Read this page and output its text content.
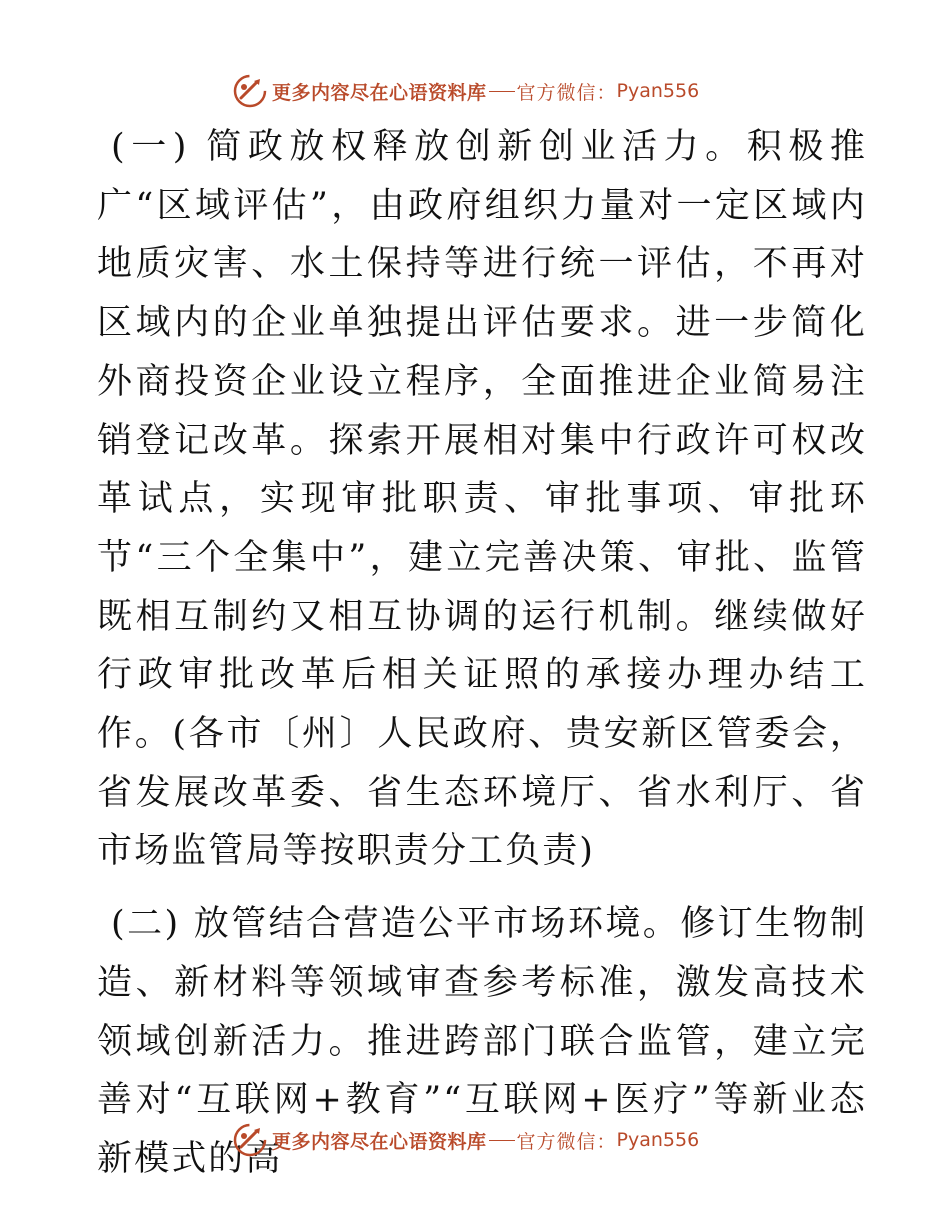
更多内容尽在心语资料库 官方微信： Pyan556

(一) 简政放权释放创新创业活力。积极推广“区域评估”，由政府组织力量对一定区域内地质灾害、水土保持等进行统一评估，不再对区域内的企业单独提出评估要求。进一步简化外商投资企业设立程序，全面推进企业简易注销登记改革。探索开展相对集中行政许可权改革试点，实现审批职责、审批事项、审批环节“三个全集中”，建立完善决策、审批、监管既相互制约又相互协调的运行机制。继续做好行政审批改革后相关证照的承接办理办结工作。(各市〔州〕人民政府、贵安新区管委会，省发展改革委、省生态环境厅、省水利厅、省市场监管局等按职责分工负责)

(二) 放管结合营造公平市场环境。修订生物制造、新材料等领域审查参考标准，激发高技术领域创新活力。推进跨部门联合监管，建立完善对“互联网+教育”“互联网+医疗”等新业态新模式的高

更多内容尽在心语资料库 官方微信： Pyan556
